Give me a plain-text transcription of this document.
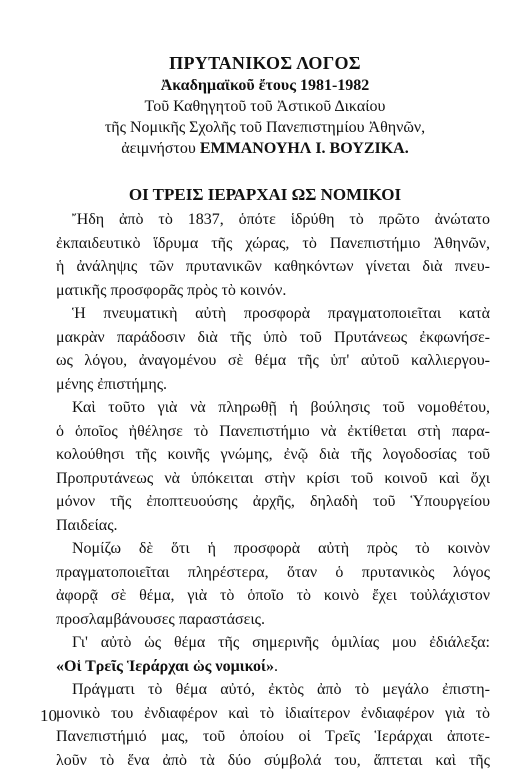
ΠΡΥΤΑΝΙΚΟΣ ΛΟΓΟΣ
Ἀκαδημαϊκοῦ ἔτους 1981-1982
Τοῦ Καθηγητοῦ τοῦ Ἀστικοῦ Δικαίου
τῆς Νομικῆς Σχολῆς τοῦ Πανεπιστημίου Ἀθηνῶν,
ἀειμνήστου ΕΜΜΑΝΟΥΗΛ Ι. ΒΟΥΖΙΚΑ.
ΟΙ ΤΡΕΙΣ ΙΕΡΑΡΧΑΙ ΩΣ ΝΟΜΙΚΟΙ
Ἤδη ἀπὸ τὸ 1837, ὁπότε ἱδρύθη τὸ πρῶτο ἀνώτατο
ἐκπαιδευτικὸ ἵδρυμα τῆς χώρας, τὸ Πανεπιστήμιο Ἀθηνῶν,
ἡ ἀνάληψις τῶν πρυτανικῶν καθηκόντων γίνεται διὰ πνευ-
ματικῆς προσφορᾶς πρὸς τὸ κοινόν.
Ἡ πνευματικὴ αὐτὴ προσφορὰ πραγματοποιεῖται κατὰ
μακρὰν παράδοσιν διὰ τῆς ὑπὸ τοῦ Πρυτάνεως ἐκφωνήσε-
ως λόγου, ἀναγομένου σὲ θέμα τῆς ὑπ' αὐτοῦ καλλιεργου-
μένης ἐπιστήμης.
Καὶ τοῦτο γιὰ νὰ πληρωθῇ ἡ βούλησις τοῦ νομοθέτου,
ὁ ὁποῖος ἠθέλησε τὸ Πανεπιστήμιο νὰ ἐκτίθεται στὴ παρα-
κολούθησι τῆς κοινῆς γνώμης, ἐνῷ διὰ τῆς λογοδοσίας τοῦ
Προπρυτάνεως νὰ ὑπόκειται στὴν κρίσι τοῦ κοινοῦ καὶ ὄχι
μόνον τῆς ἐποπτευούσης ἀρχῆς, δηλαδὴ τοῦ Ὑπουργείου
Παιδείας.
Νομίζω δὲ ὅτι ἡ προσφορὰ αὐτὴ πρὸς τὸ κοινὸν
πραγματοποιεῖται πληρέστερα, ὅταν ὁ πρυτανικὸς λόγος
ἀφορᾷ σὲ θέμα, γιὰ τὸ ὁποῖο τὸ κοινὸ ἔχει τοὐλάχιστον
προσλαμβάνουσες παραστάσεις.
Γι' αὐτὸ ὡς θέμα τῆς σημερινῆς ὁμιλίας μου ἐδιάλεξα:
«Οἱ Τρεῖς Ἱεράρχαι ὡς νομικοί».
Πράγματι τὸ θέμα αὐτό, ἐκτὸς ἀπὸ τὸ μεγάλο ἐπιστη-
μονικὸ του ἐνδιαφέρον καὶ τὸ ἰδιαίτερον ἐνδιαφέρον γιὰ τὸ
Πανεπιστήμιό μας, τοῦ ὁποίου οἱ Τρεῖς Ἱεράρχαι ἀποτε-
λοῦν τὸ ἕνα ἀπὸ τὰ δύο σύμβολά του, ἅπτεται καὶ τῆς
10
